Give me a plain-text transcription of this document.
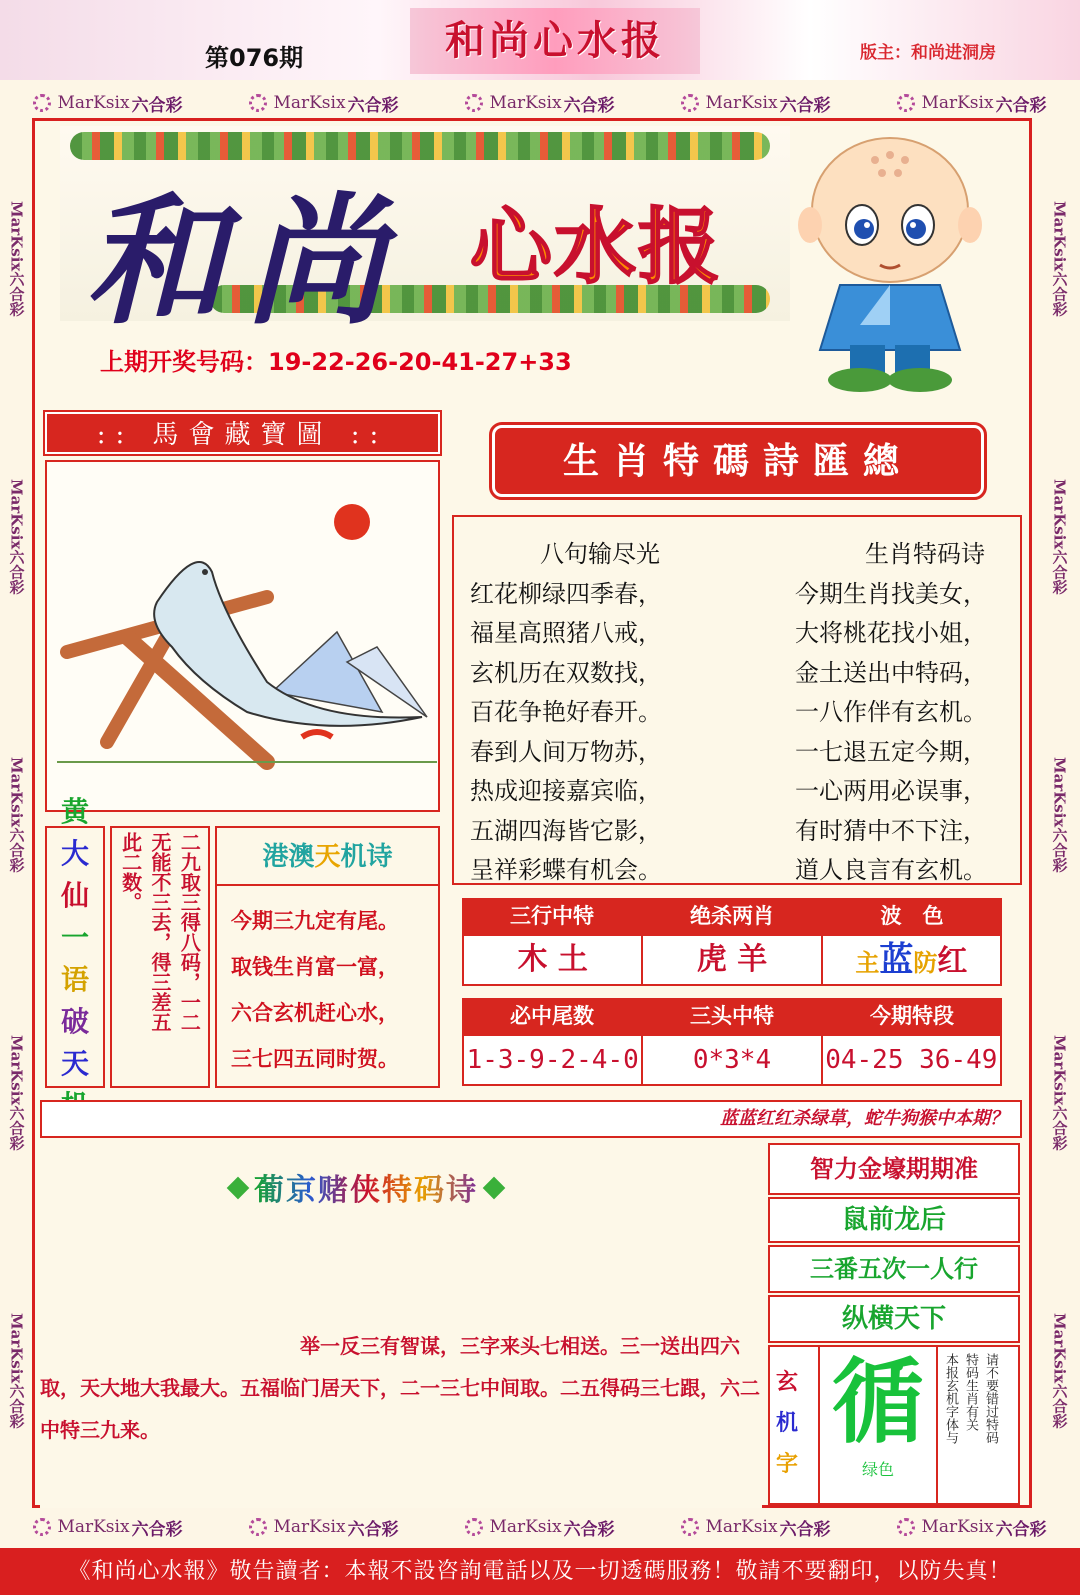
第076期	和尚心水报	版主：和尚进洞房
MarKsix 六合彩	MarKsix 六合彩	MarKsix 六合彩	MarKsix 六合彩	MarKsix 六合彩
MarKsix 六合彩	MarKsix 六合彩	MarKsix 六合彩	MarKsix 六合彩	MarKsix 六合彩
MarKsix六合彩
MarKsix六合彩
MarKsix六合彩
MarKsix六合彩
MarKsix六合彩
MarKsix六合彩
MarKsix六合彩
MarKsix六合彩
MarKsix六合彩
MarKsix六合彩
和尚 心水报
上期开奖号码：19-22-26-20-41-27+33
:: 馬會藏寶圖 ::
生肖特碼詩匯總
八句输尽光
红花柳绿四季春，
福星高照猪八戒，
玄机历在双数找，
百花争艳好春开。
春到人间万物苏，
热成迎接嘉宾临，
五湖四海皆它影，
呈祥彩蝶有机会。
生肖特码诗
今期生肖找美女，
大将桃花找小姐，
金土送出中特码，
一八作伴有玄机。
一七退五定今期，
一心两用必误事，
有时猜中不下注，
道人良言有玄机。
黄
大
仙
一
语
破
天
二九取三得八码，一二
无能不三去，得三差五
此二数。	港澳天机诗
今期三九定有尾。
取钱生肖富一富，
六合玄机赶心水，
三七四五同时贺。
三行中特	绝杀两肖	波　色
木 土	虎 羊	主蓝防红
必中尾数	三头中特	今期特段
1-3-9-2-4-0	0*3*4	04-25 36-49
蓝蓝红红杀绿草，蛇牛狗猴中本期？
葡京赌侠特码诗
举一反三有智谋，三字来头七相送。三一送出四六取，天大地大我最大。五福临门居天下，二一三七中间取。二五得码三七跟，六二中特三九来。
智力金壕期期准
鼠前龙后
三番五次一人行
纵横天下
玄
机
字
循
绿色
请不要错过特码
特码生肖有关
本报玄机字体与
《和尚心水報》敬告讀者：本報不設咨詢電話以及一切透碼服務！敬請不要翻印，以防失真！
